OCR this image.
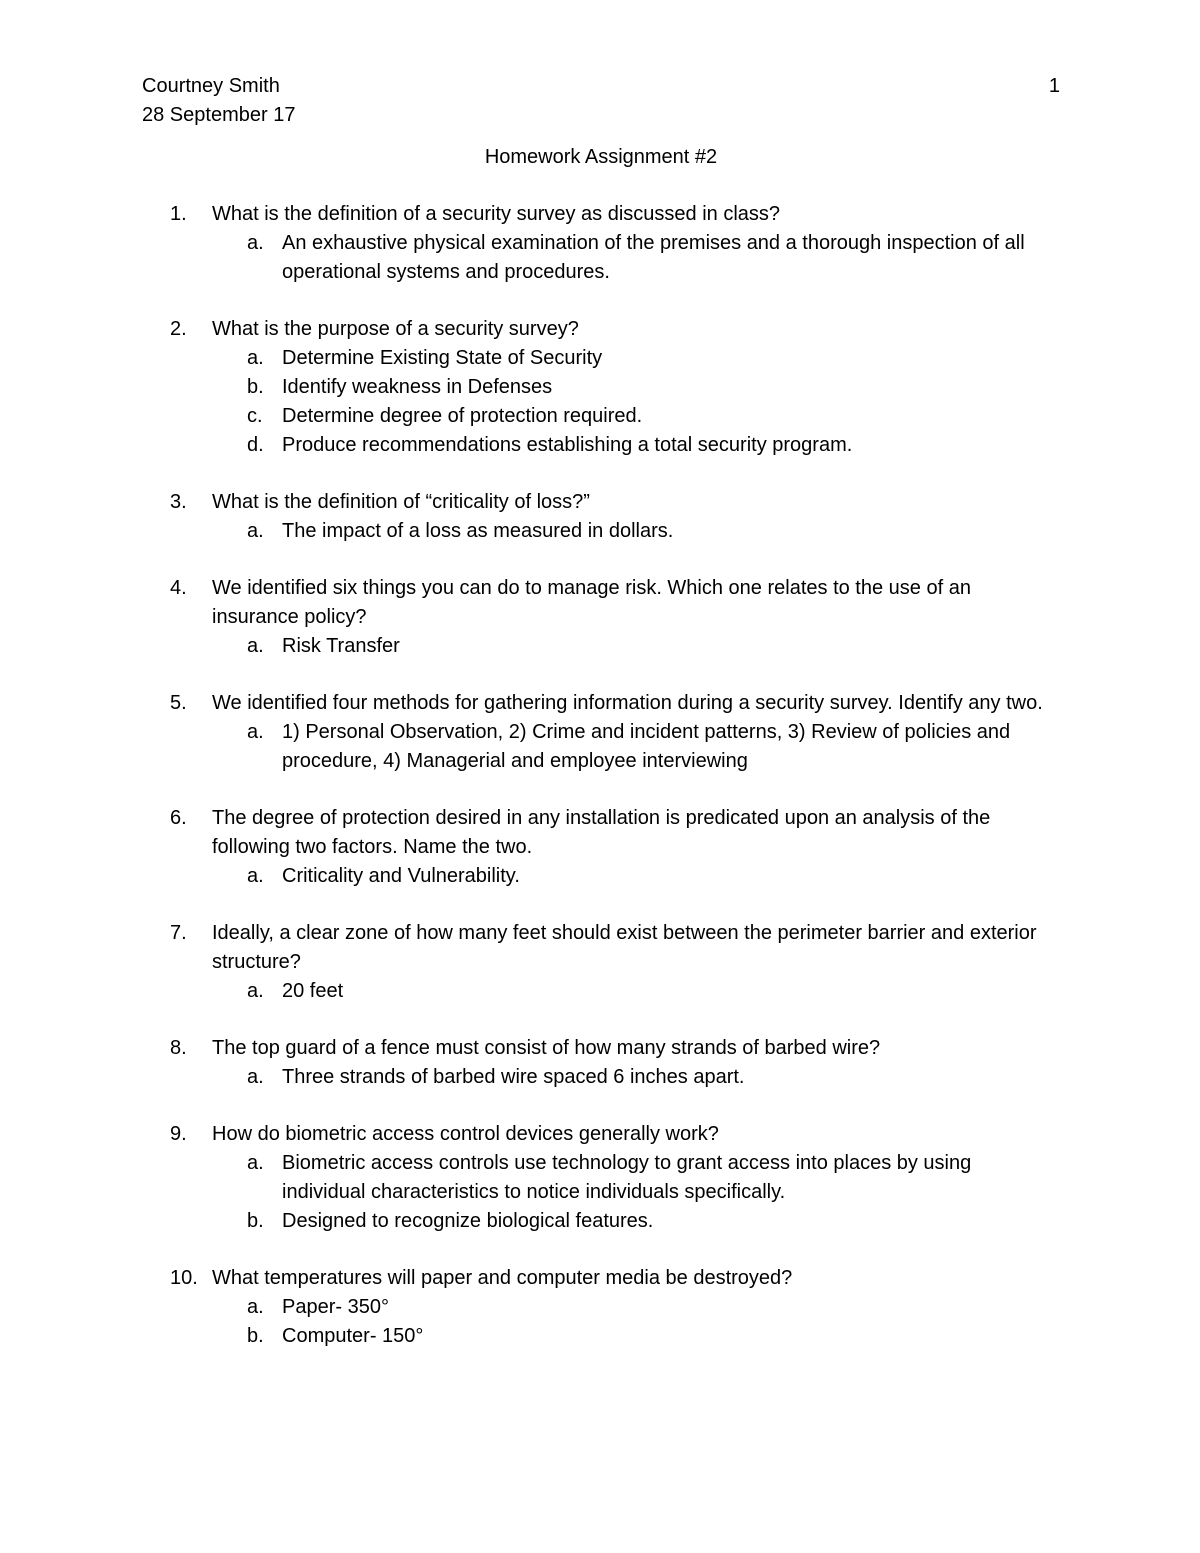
Courtney Smith
28 September 17
1
Homework Assignment #2
1. What is the definition of a security survey as discussed in class?
a. An exhaustive physical examination of the premises and a thorough inspection of all operational systems and procedures.
2. What is the purpose of a security survey?
a. Determine Existing State of Security
b. Identify weakness in Defenses
c. Determine degree of protection required.
d. Produce recommendations establishing a total security program.
3. What is the definition of “criticality of loss?”
a. The impact of a loss as measured in dollars.
4. We identified six things you can do to manage risk. Which one relates to the use of an insurance policy?
a. Risk Transfer
5. We identified four methods for gathering information during a security survey. Identify any two.
a. 1) Personal Observation, 2) Crime and incident patterns, 3) Review of policies and procedure, 4) Managerial and employee interviewing
6. The degree of protection desired in any installation is predicated upon an analysis of the following two factors. Name the two.
a. Criticality and Vulnerability.
7. Ideally, a clear zone of how many feet should exist between the perimeter barrier and exterior structure?
a. 20 feet
8. The top guard of a fence must consist of how many strands of barbed wire?
a. Three strands of barbed wire spaced 6 inches apart.
9. How do biometric access control devices generally work?
a. Biometric access controls use technology to grant access into places by using individual characteristics to notice individuals specifically.
b. Designed to recognize biological features.
10. What temperatures will paper and computer media be destroyed?
a. Paper- 350°
b. Computer- 150°
